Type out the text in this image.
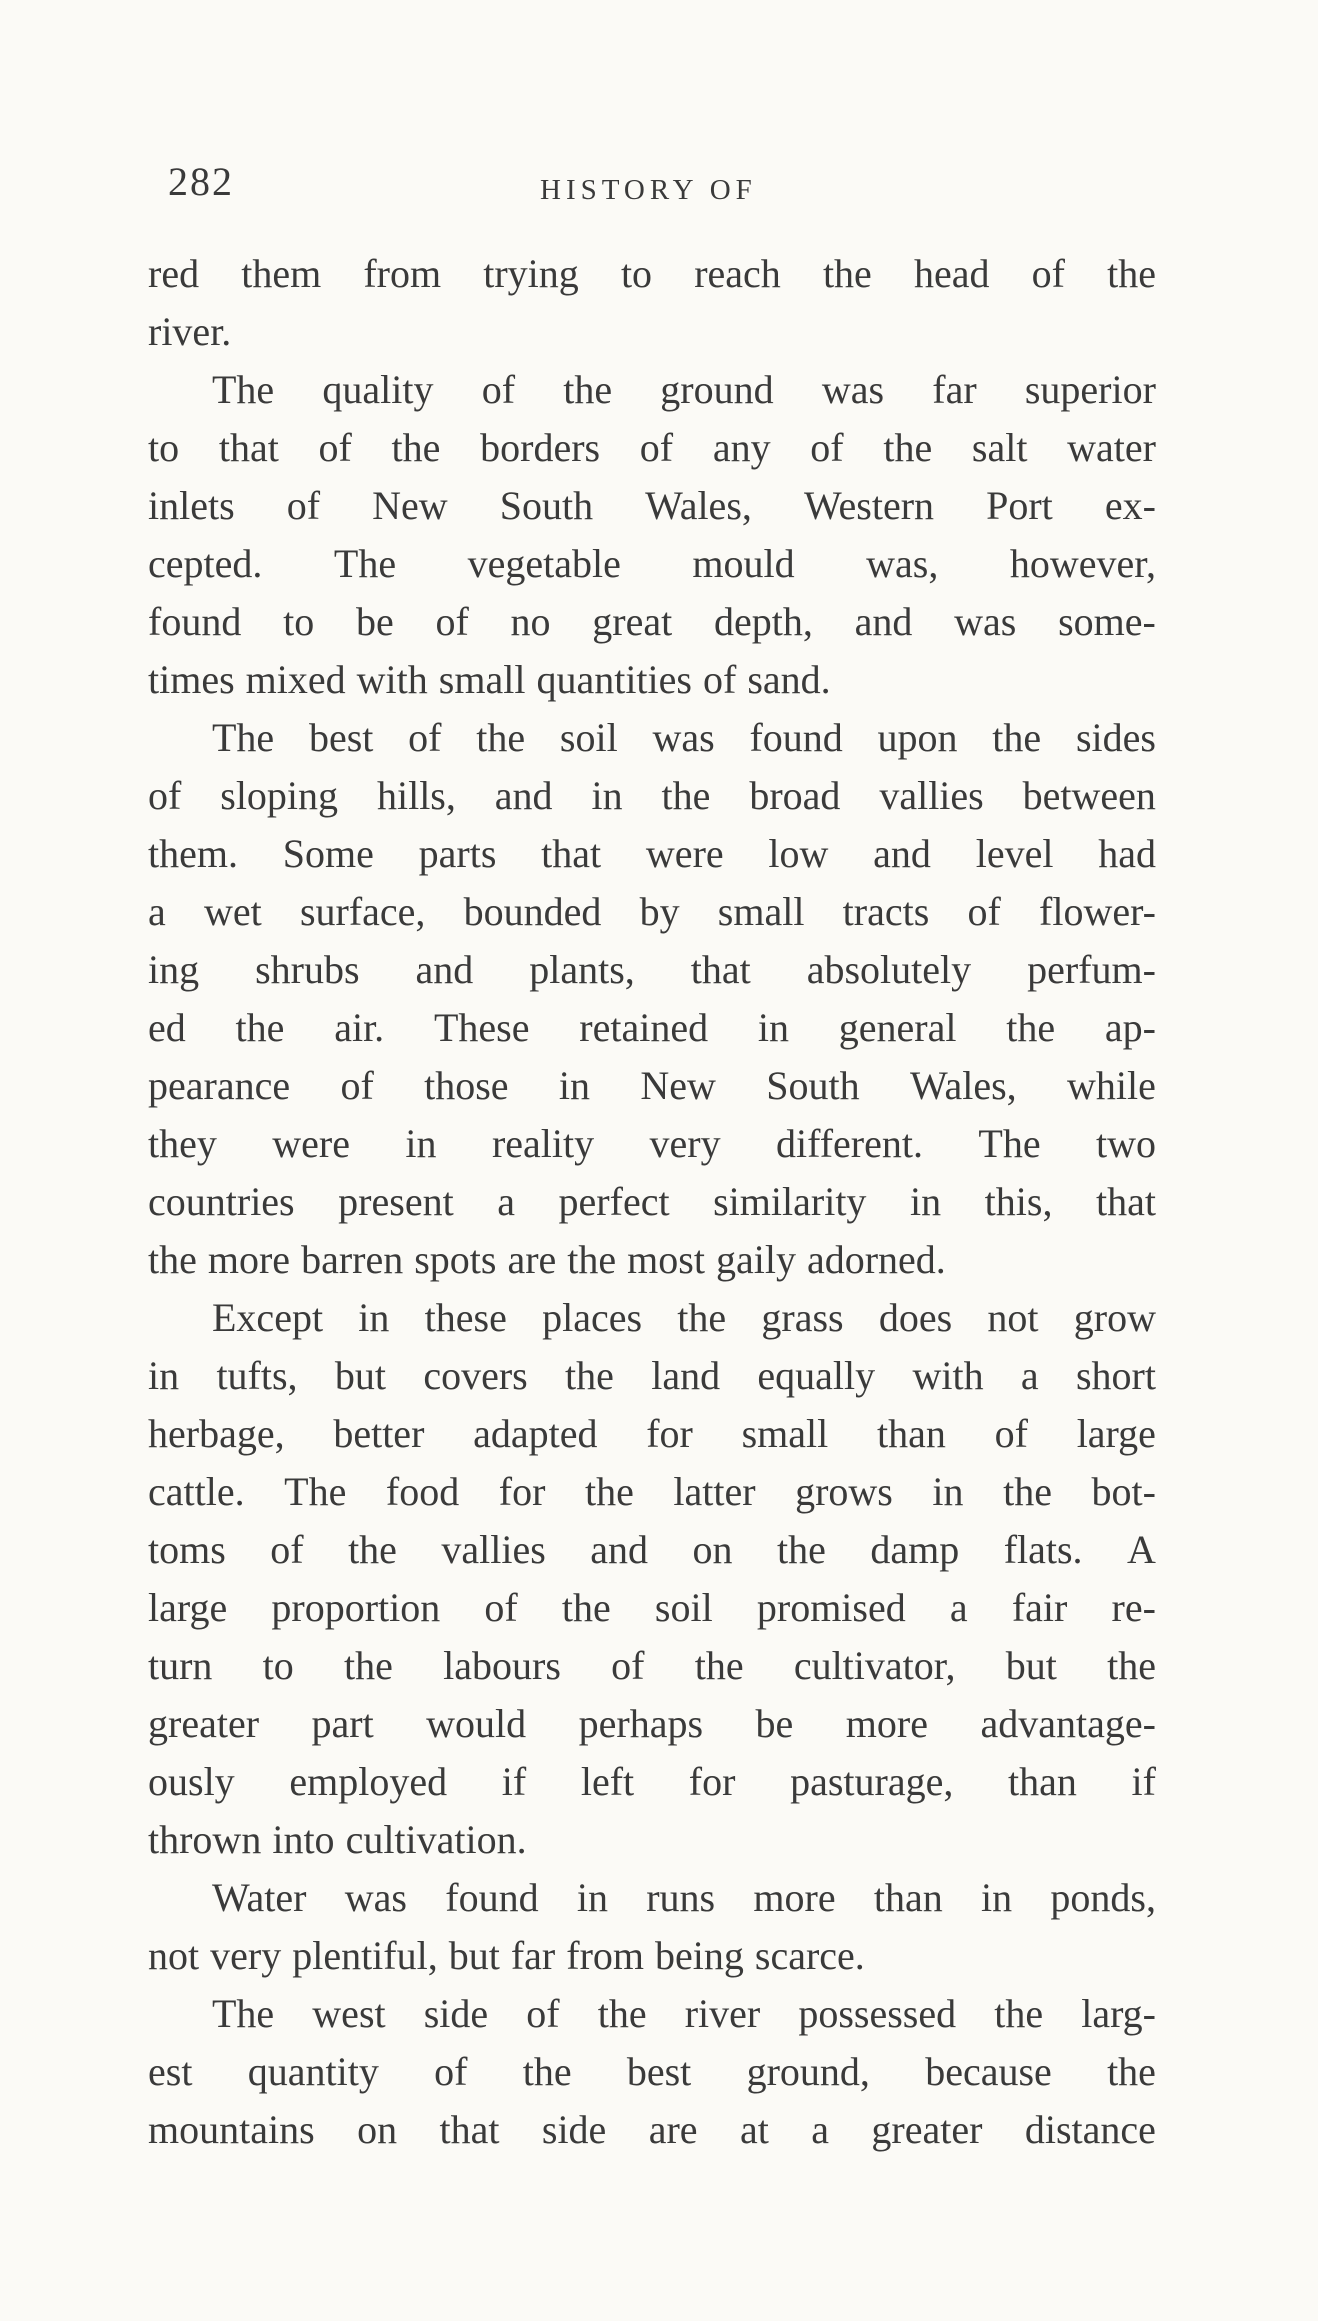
282	HISTORY OF
red them from trying to reach the head of the
river.
The quality of the ground was far superior
to that of the borders of any of the salt water
inlets of New South Wales, Western Port ex-
cepted. The vegetable mould was, however,
found to be of no great depth, and was some-
times mixed with small quantities of sand.
The best of the soil was found upon the sides
of sloping hills, and in the broad vallies between
them. Some parts that were low and level had
a wet surface, bounded by small tracts of flower-
ing shrubs and plants, that absolutely perfum-
ed the air. These retained in general the ap-
pearance of those in New South Wales, while
they were in reality very different. The two
countries present a perfect similarity in this, that
the more barren spots are the most gaily adorned.
Except in these places the grass does not grow
in tufts, but covers the land equally with a short
herbage, better adapted for small than of large
cattle. The food for the latter grows in the bot-
toms of the vallies and on the damp flats. A
large proportion of the soil promised a fair re-
turn to the labours of the cultivator, but the
greater part would perhaps be more advantage-
ously employed if left for pasturage, than if
thrown into cultivation.
Water was found in runs more than in ponds,
not very plentiful, but far from being scarce.
The west side of the river possessed the larg-
est quantity of the best ground, because the
mountains on that side are at a greater distance
